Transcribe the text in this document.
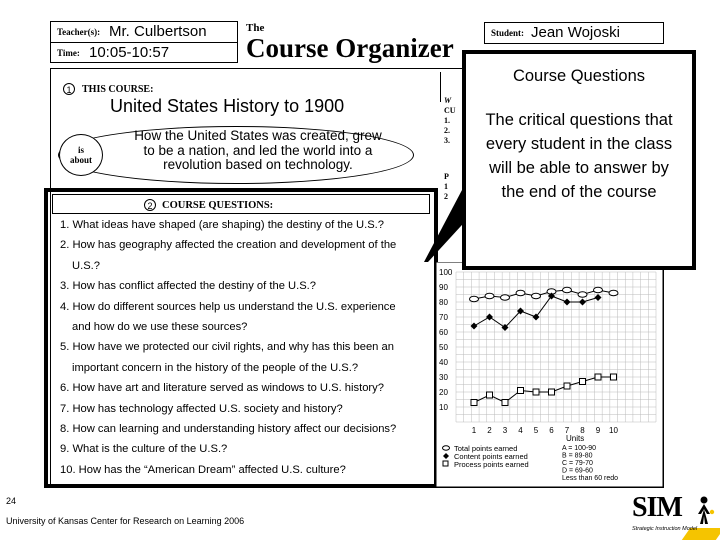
Teacher(s): Mr. Culbertson
Time: 10:05-10:57
The
Course Organizer	Student: Jean Wojoski
1	THIS COURSE:
United States History to 1900
is
about
How the United States was created, grew
to be a nation, and led the world into a
revolution based on technology.
2 COURSE QUESTIONS:
1. What ideas have shaped (are shaping) the destiny of the U.S.?
2. How has geography affected the creation and development of the
U.S.?
3. How has conflict affected the destiny of the U.S.?
4. How do different sources help us understand the U.S. experience
and how do we use these sources?
5. How have we protected our civil rights, and why has this been an
important concern in the history of the people of the U.S.?
6. How have art and literature served as windows to U.S. history?
7. How has technology affected U.S. society and history?
8. How can learning and understanding history affect our decisions?
9. What is the culture of the U.S.?
10. How has the “American Dream” affected U.S. culture?
W
CU
1.
2.
3.
P
1
2
100
90
80
70
60
50
40
30
20
10
1 2 3 4 5 6 7 8 9 10
Units
Total points earned
Content points earned
Process points earned
A = 100-90
B = 89-80
C = 79-70
D = 69-60
Less than 60 redo
Course Questions
The critical questions that every student in the class will be able to answer by the end of the course
24
University of Kansas Center for Research on Learning 2006	SIM
Strategic Instruction Model
